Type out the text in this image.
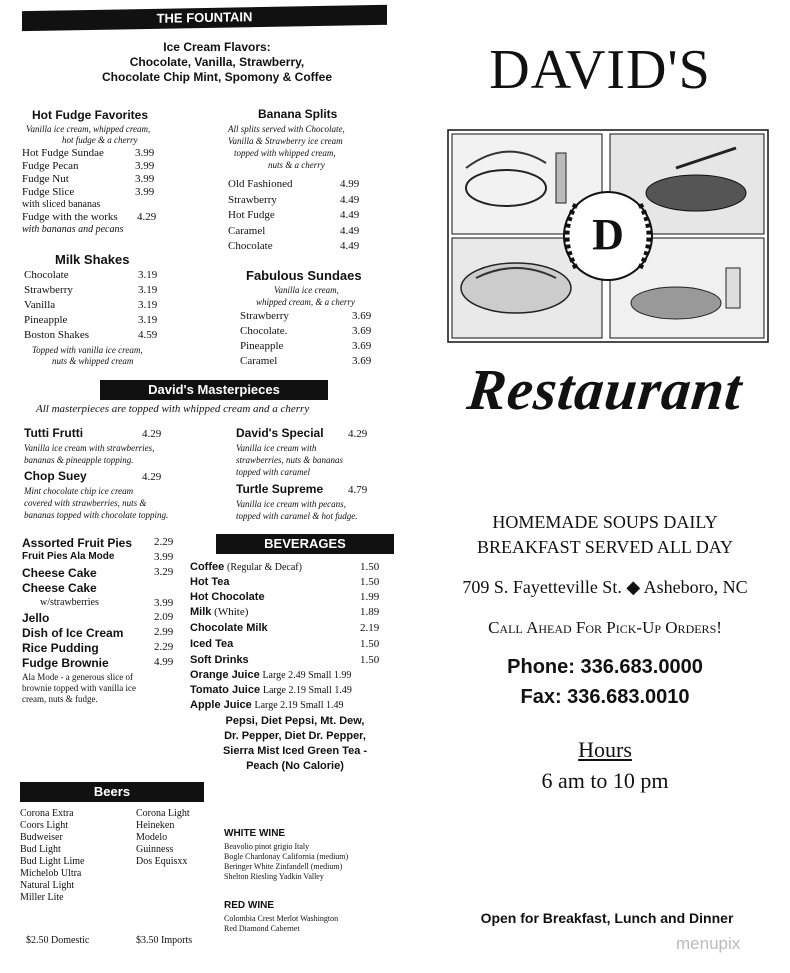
THE FOUNTAIN
Ice Cream Flavors:
Chocolate, Vanilla, Strawberry,
Chocolate Chip Mint, Spomony & Coffee
Hot Fudge Favorites
Vanilla ice cream, whipped cream,
hot fudge & a cherry
Hot Fudge Sundae	3.99
Fudge Pecan	3.99
Fudge Nut	3.99
Fudge Slice	3.99
with sliced bananas
Fudge with the works 4.29
with bananas and pecans
Banana Splits
All splits served with Chocolate,
Vanilla & Strawberry ice cream
topped with whipped cream,
nuts & a cherry
Old Fashioned	4.99
Strawberry	4.49
Hot Fudge	4.49
Caramel	4.49
Chocolate	4.49
Milk Shakes
Chocolate	3.19
Strawberry	3.19
Vanilla	3.19
Pineapple	3.19
Boston Shakes	4.59
Topped with vanilla ice cream,
nuts & whipped cream
Fabulous Sundaes
Vanilla ice cream,
whipped cream, & a cherry
Strawberry	3.69
Chocolate.	3.69
Pineapple	3.69
Caramel	3.69
David's Masterpieces
All masterpieces are topped with whipped cream and a cherry
Tutti Frutti	4.29
Vanilla ice cream with strawberries,
bananas & pineapple topping.
Chop Suey	4.29
Mint chocolate chip ice cream
covered with strawberries, nuts &
bananas topped with chocolate topping.
David's Special 4.29
Vanilla ice cream with
strawberries, nuts & bananas
topped with caramel
Turtle Supreme 4.79
Vanilla ice cream with pecans,
topped with caramel & hot fudge.
Assorted Fruit Pies 2.29
Fruit Pies Ala Mode	3.99
Cheese Cake	3.29
Cheese Cake
w/strawberries	3.99
Jello	2.09
Dish of Ice Cream	2.99
Rice Pudding	2.29
Fudge Brownie	4.99
Ala Mode - a generous slice of
brownie topped with vanilla ice
cream, nuts & fudge.
BEVERAGES
Coffee (Regular & Decaf)	1.50
Hot Tea	1.50
Hot Chocolate	1.99
Milk (White)	1.89
Chocolate Milk	2.19
Iced Tea	1.50
Soft Drinks	1.50
Orange Juice Large 2.49 Small 1.99
Tomato Juice Large 2.19 Small 1.49
Apple Juice Large 2.19 Small 1.49
Pepsi, Diet Pepsi, Mt. Dew,
Dr. Pepper, Diet Dr. Pepper,
Sierra Mist Iced Green Tea -
Peach (No Calorie)
Beers
Corona Extra
Coors Light
Budweiser
Bud Light
Bud Light Lime
Michelob Ultra
Natural Light
Miller Lite
Corona Light
Heineken
Modelo
Guinness
Dos Equisxx
$2.50 Domestic	$3.50 Imports
WHITE WINE
Beavolio pinot grigio Italy
Bogle Chardonay California (medium)
Beringer White Zinfandell (medium)
Shelton Riesling Yadkin Valley
RED WINE
Colombia Crest Merlot Washington
Red Diamond Cabernet
DAVID'S
D
Restaurant
HOMEMADE SOUPS DAILY
BREAKFAST SERVED ALL DAY
709 S. Fayetteville St. ◆ Asheboro, NC
Call Ahead For Pick-Up Orders!
Phone: 336.683.0000
Fax: 336.683.0010
Hours
6 am to 10 pm
Open for Breakfast, Lunch and Dinner
menupix
